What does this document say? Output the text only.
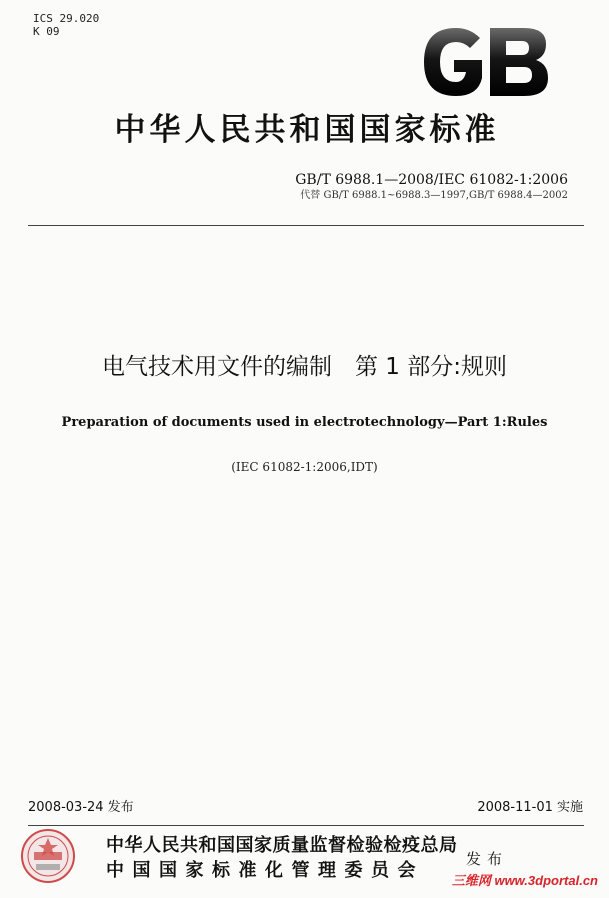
ICS 29.020
K 09
GB
中华人民共和国国家标准
GB/T 6988.1—2008/IEC 61082-1:2006
代替 GB/T 6988.1~6988.3—1997,GB/T 6988.4—2002
电气技术用文件的编制　第 1 部分:规则
Preparation of documents used in electrotechnology—Part 1:Rules
(IEC 61082-1:2006,IDT)
2008-03-24 发布	2008-11-01 实施
中华人民共和国国家质量监督检验检疫总局
中国国家标准化管理委员会
发布
三维网 www.3dportal.cn
